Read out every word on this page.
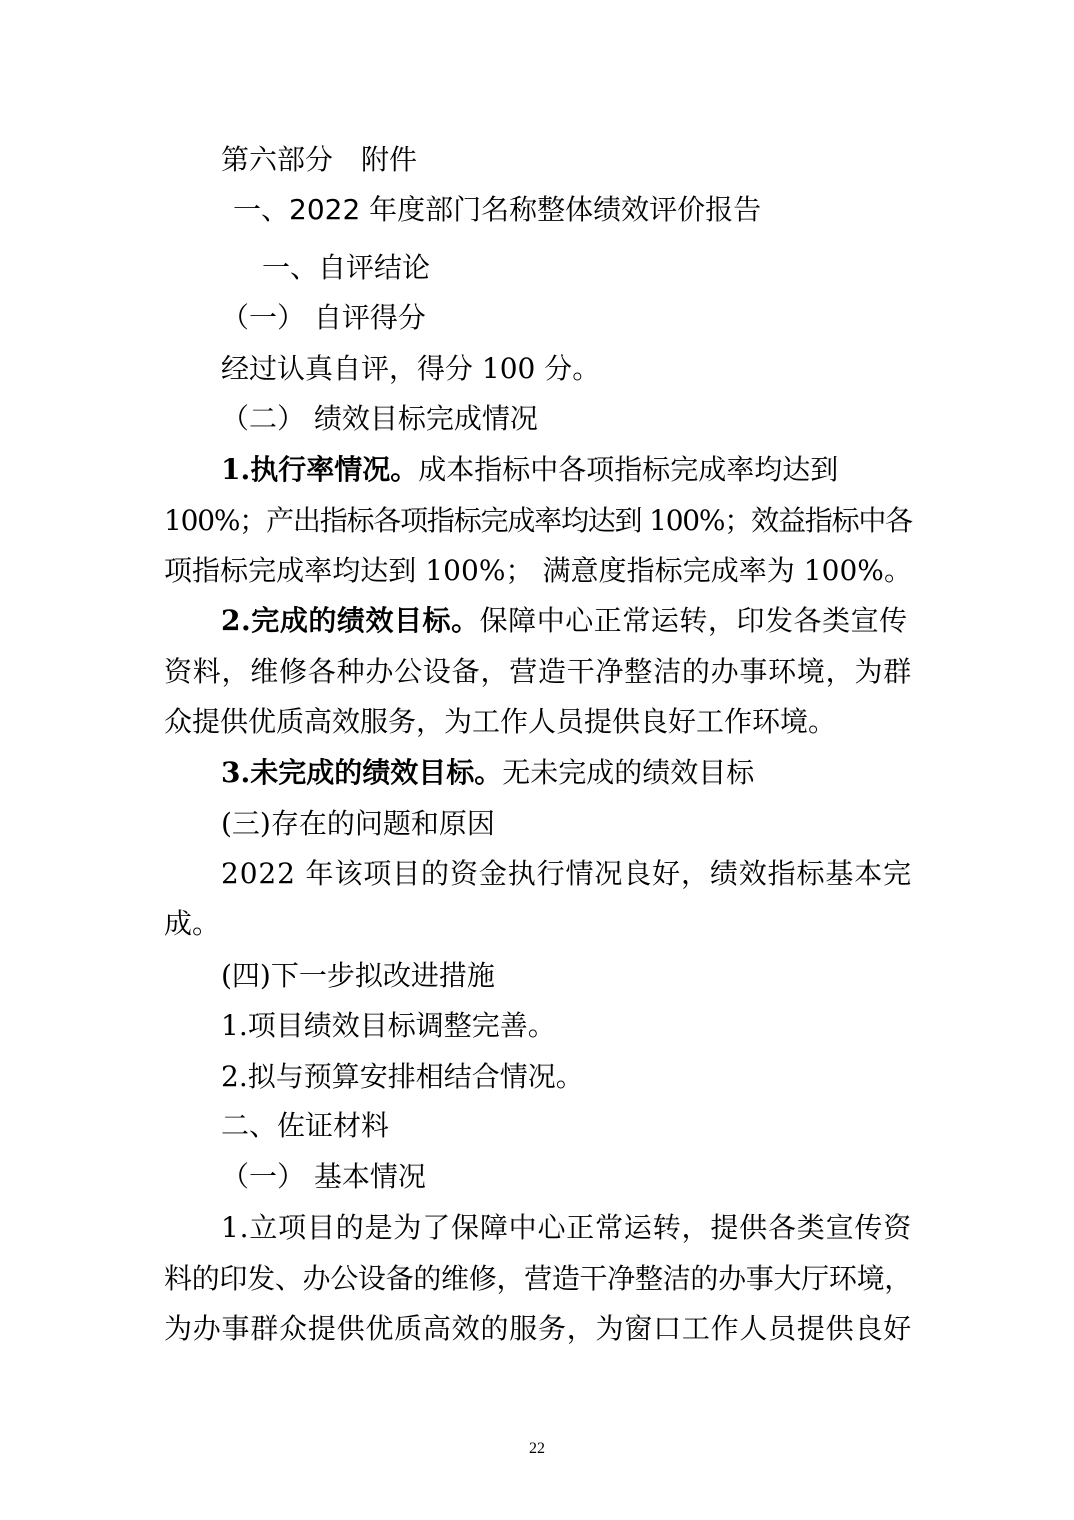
第六部分　附件
一、2022 年度部门名称整体绩效评价报告
一、自评结论
（一） 自评得分
经过认真自评，得分 100 分。
（二） 绩效目标完成情况
1.执行率情况。成本指标中各项指标完成率均达到
100%；产出指标各项指标完成率均达到 100%；效益指标中各
项指标完成率均达到 100%； 满意度指标完成率为 100%。
2.完成的绩效目标。保障中心正常运转，印发各类宣传
资料，维修各种办公设备，营造干净整洁的办事环境，为群
众提供优质高效服务，为工作人员提供良好工作环境。
3.未完成的绩效目标。无未完成的绩效目标
(三)存在的问题和原因
2022 年该项目的资金执行情况良好，绩效指标基本完
成。
(四)下一步拟改进措施
1.项目绩效目标调整完善。
2.拟与预算安排相结合情况。
二、佐证材料
（一） 基本情况
1.立项目的是为了保障中心正常运转，提供各类宣传资
料的印发、办公设备的维修，营造干净整洁的办事大厅环境，
为办事群众提供优质高效的服务，为窗口工作人员提供良好
22
